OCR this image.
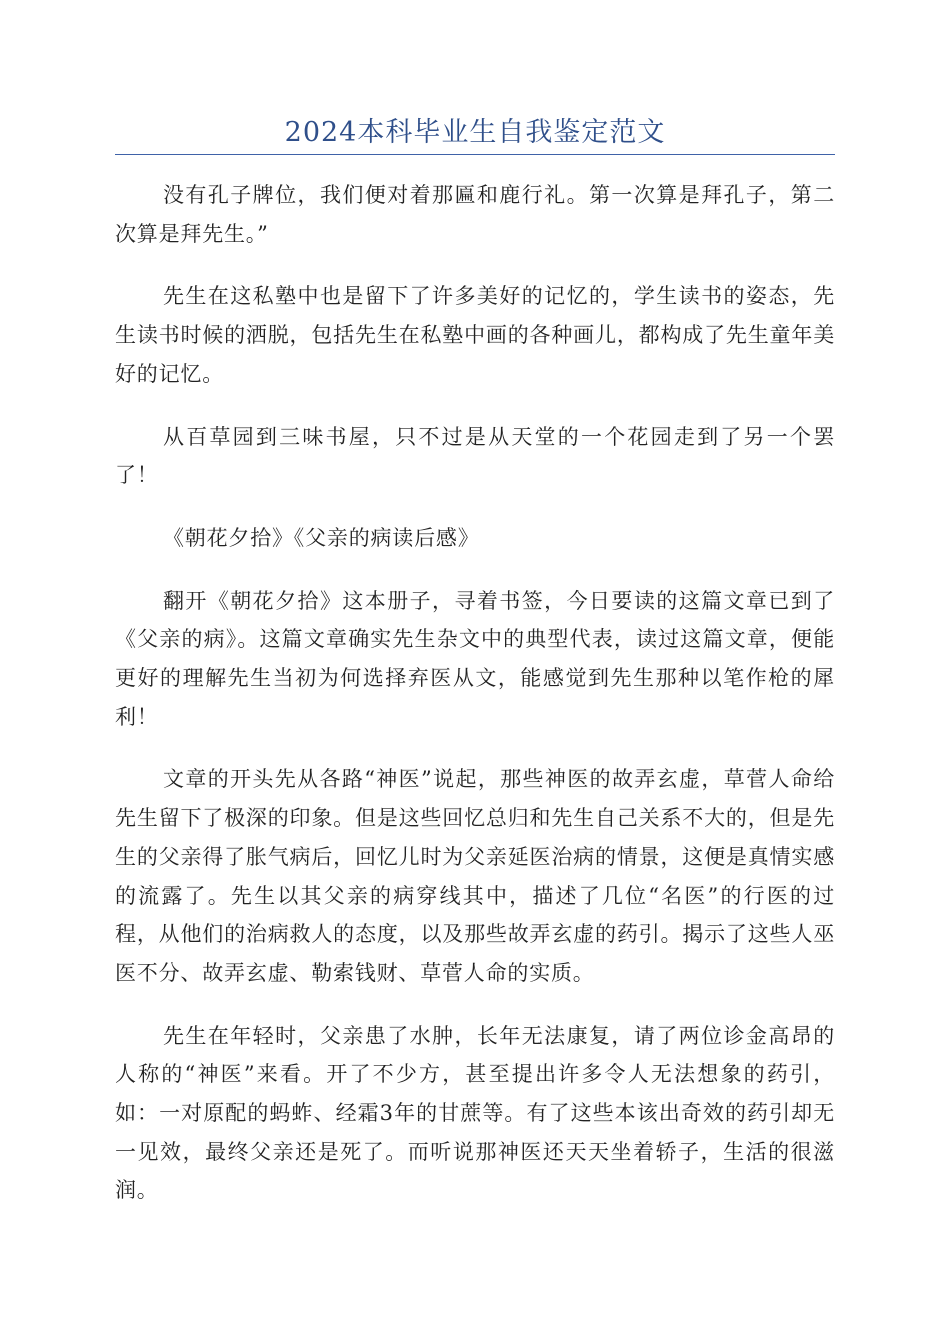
2024本科毕业生自我鉴定范文

没有孔子牌位，我们便对着那匾和鹿行礼。第一次算是拜孔子，第二次算是拜先生。”

先生在这私塾中也是留下了许多美好的记忆的，学生读书的姿态，先生读书时候的洒脱，包括先生在私塾中画的各种画儿，都构成了先生童年美好的记忆。

从百草园到三味书屋，只不过是从天堂的一个花园走到了另一个罢了！

《朝花夕拾》《父亲的病读后感》

翻开《朝花夕拾》这本册子，寻着书签，今日要读的这篇文章已到了《父亲的病》。这篇文章确实先生杂文中的典型代表，读过这篇文章，便能更好的理解先生当初为何选择弃医从文，能感觉到先生那种以笔作枪的犀利！

文章的开头先从各路“神医”说起，那些神医的故弄玄虚，草菅人命给先生留下了极深的印象。但是这些回忆总归和先生自己关系不大的，但是先生的父亲得了胀气病后，回忆儿时为父亲延医治病的情景，这便是真情实感的流露了。先生以其父亲的病穿线其中，描述了几位“名医”的行医的过程，从他们的治病救人的态度，以及那些故弄玄虚的药引。揭示了这些人巫医不分、故弄玄虚、勒索钱财、草菅人命的实质。

先生在年轻时，父亲患了水肿，长年无法康复，请了两位诊金高昂的人称的“神医”来看。开了不少方，甚至提出许多令人无法想象的药引，如：一对原配的蚂蚱、经霜3年的甘蔗等。有了这些本该出奇效的药引却无一见效，最终父亲还是死了。而听说那神医还天天坐着轿子，生活的很滋润。
